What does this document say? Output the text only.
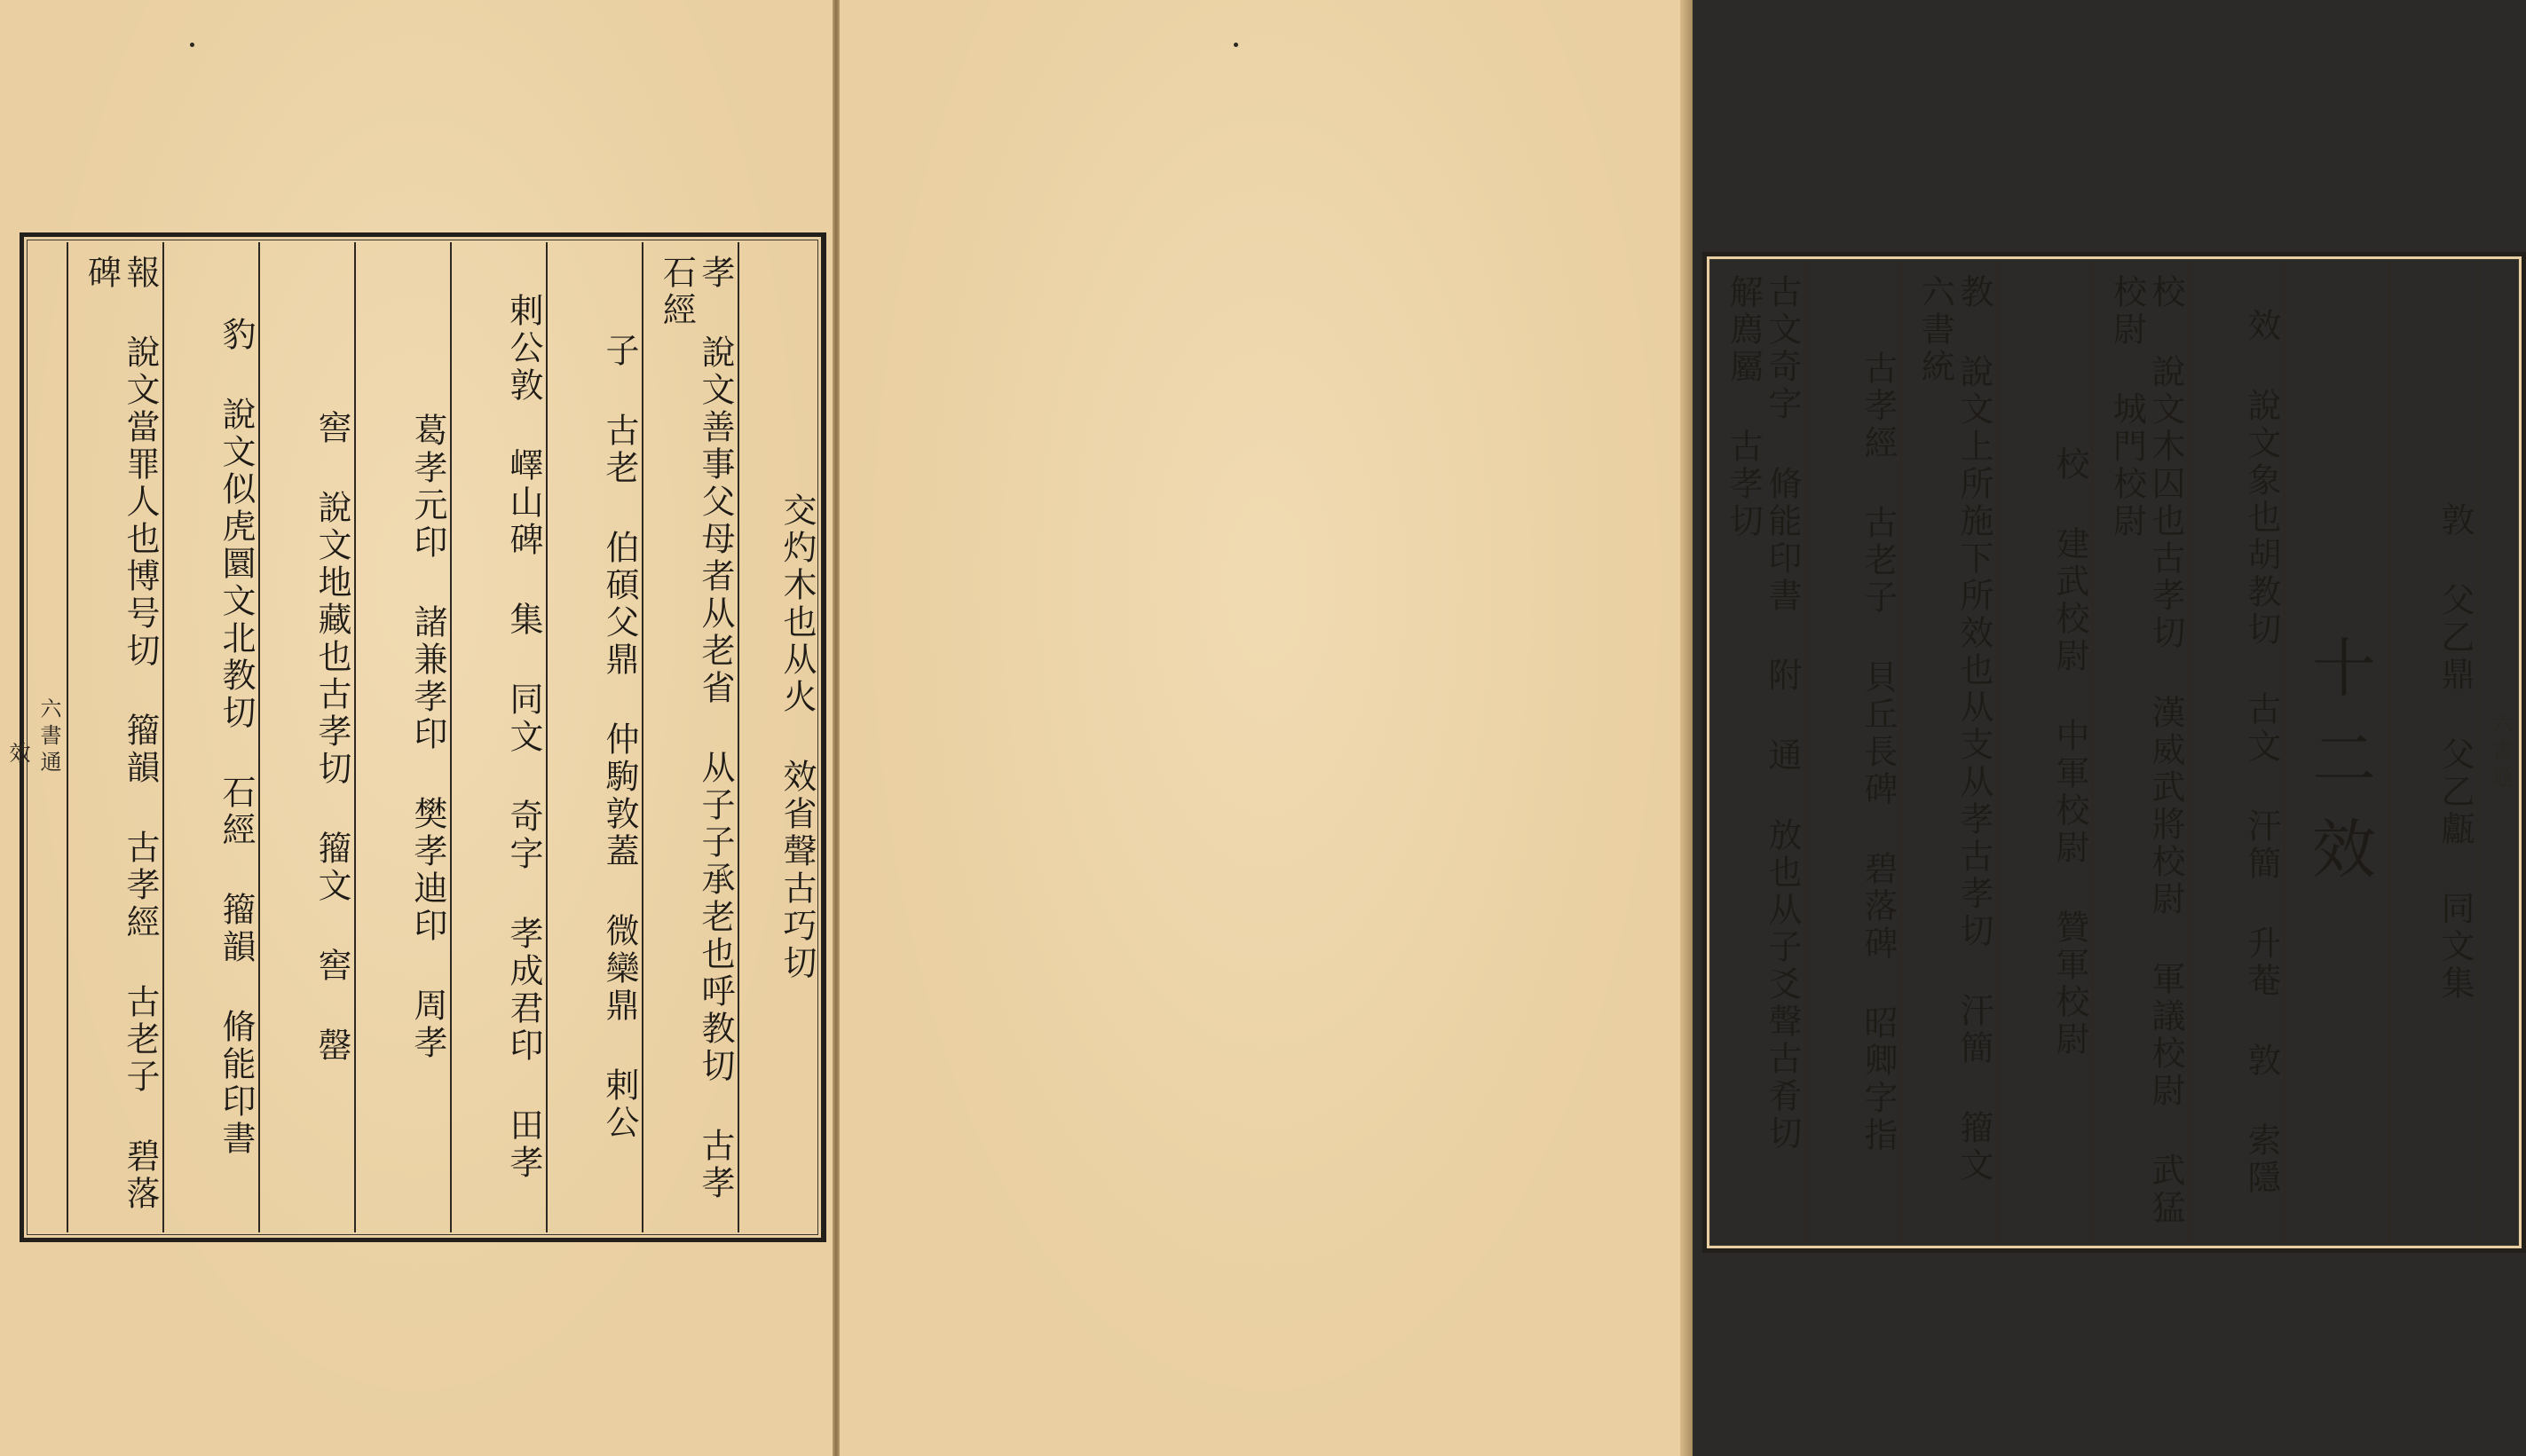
六書通
效	報 說文當罪人也博号切 籀韻 古孝經 古老子 碧落碑
豹 說文似虎圜文北教切 石經 籀韻 脩能印書 窖 說文地藏也古孝切 籀文 窖 罄 葛孝元印 諸兼孝印 樊孝迪印 周孝 剌公敦 嶧山碑 集 同文 奇字 孝成君印 田孝 子 古老 伯碩父鼎 仲駒敦蓋 微欒鼎 剌公	孝 說文善事父母者从老省 从子子承老也呼教切 古孝 石經
交灼木也从火 效省聲古巧切	古文奇字 脩能印書 附 通 放也从子爻聲古肴切 解廌屬 古孝切	古孝經 古老子 貝丘長碑 碧落碑 昭卿字指	教 說文上所施下所效也从支从孝古孝切 汗簡 籀文 六書統
校 建武校尉 中軍校尉 贊軍校尉	校 說文木囚也古孝切 漢威武將校尉 軍議校尉 武猛校尉 城門校尉	效 說文象也胡教切 古文 汗簡 升菴 敦 索隱 十二效 敦 父乙鼎 父乙甗 同文集 六書通
